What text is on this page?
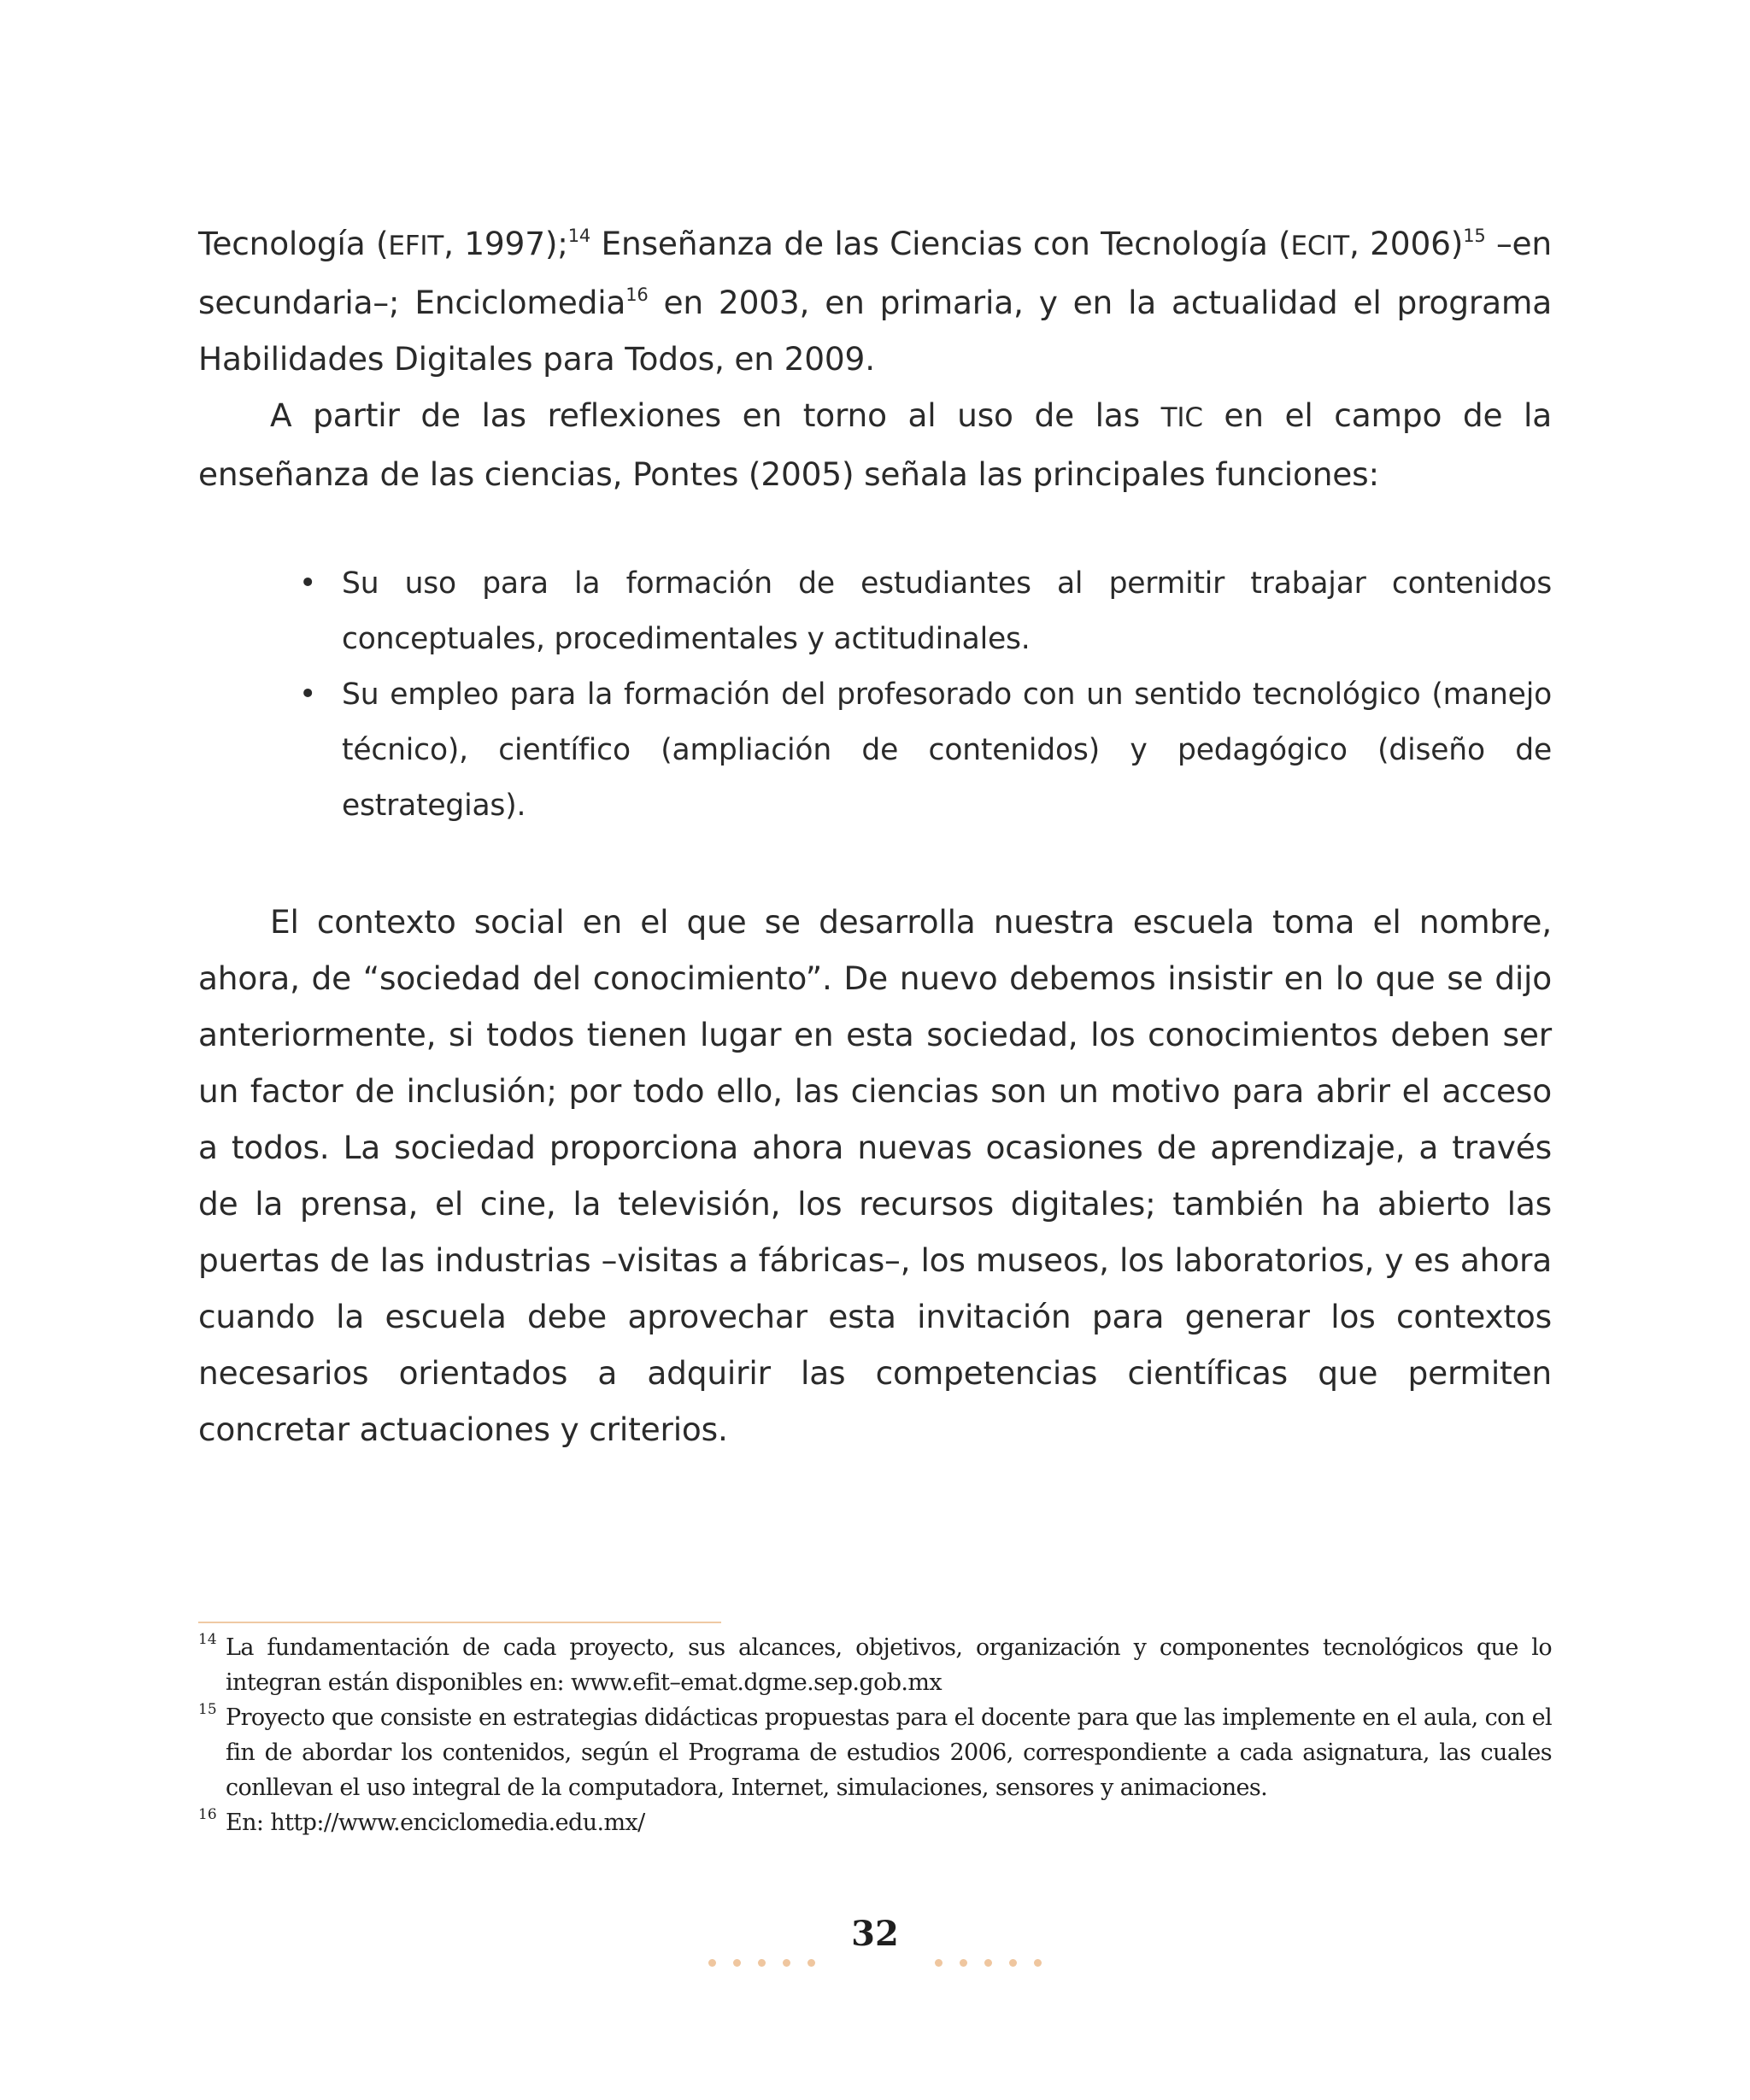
Tecnología (EFIT, 1997);$^{14}$ Enseñanza de las Ciencias con Tecnología (ECIT, 2006)$^{15}$ –en secundaria–; Enciclomedia$^{16}$ en 2003, en primaria, y en la actualidad el programa Habilidades Digitales para Todos, en 2009.

A partir de las reflexiones en torno al uso de las TIC en el campo de la enseñanza de las ciencias, Pontes (2005) señala las principales funciones:

• Su uso para la formación de estudiantes al permitir trabajar contenidos conceptuales, procedimentales y actitudinales.
• Su empleo para la formación del profesorado con un sentido tecnológico (manejo técnico), científico (ampliación de contenidos) y pedagógico (diseño de estrategias).

El contexto social en el que se desarrolla nuestra escuela toma el nombre, ahora, de “sociedad del conocimiento”. De nuevo debemos insistir en lo que se dijo anteriormente, si todos tienen lugar en esta sociedad, los conocimientos deben ser un factor de inclusión; por todo ello, las ciencias son un motivo para abrir el acceso a todos. La sociedad proporciona ahora nuevas ocasiones de aprendizaje, a través de la prensa, el cine, la televisión, los recursos digitales; también ha abierto las puertas de las industrias –visitas a fábricas–, los museos, los laboratorios, y es ahora cuando la escuela debe aprovechar esta invitación para generar los contextos necesarios orientados a adquirir las competencias científicas que permiten concretar actuaciones y criterios.

14 La fundamentación de cada proyecto, sus alcances, objetivos, organización y componentes tecnológicos que lo integran están disponibles en: www.efit–emat.dgme.sep.gob.mx

15 Proyecto que consiste en estrategias didácticas propuestas para el docente para que las implemente en el aula, con el fin de abordar los contenidos, según el Programa de estudios 2006, correspondiente a cada asignatura, las cuales conllevan el uso integral de la computadora, Internet, simulaciones, sensores y animaciones.

16 En: http://www.enciclomedia.edu.mx/

32
